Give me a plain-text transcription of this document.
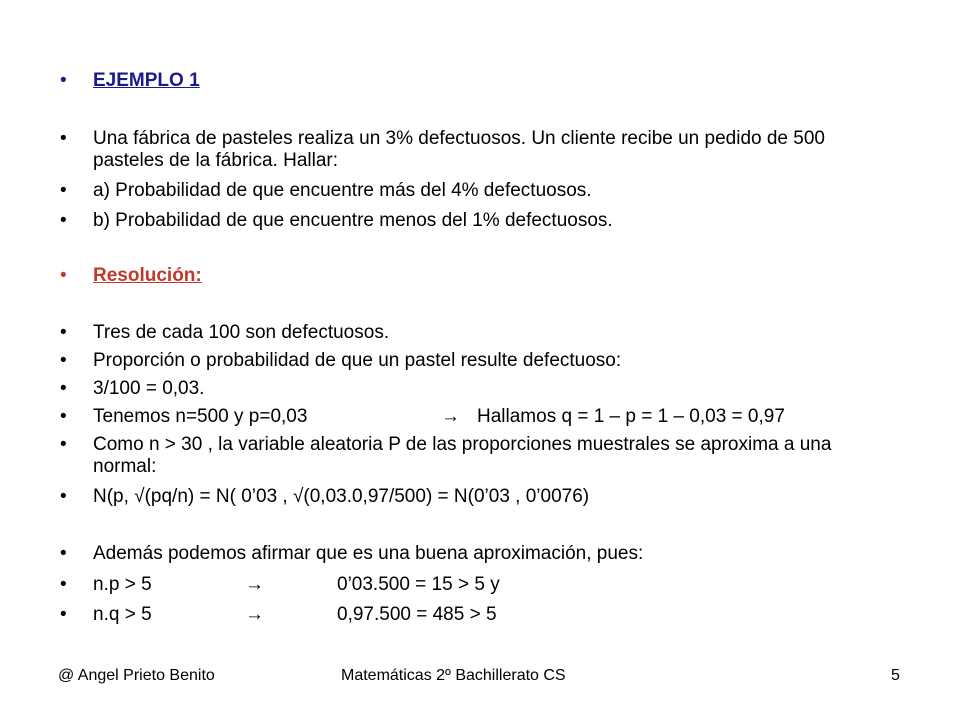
• EJEMPLO 1
• Una fábrica de pasteles realiza un 3% defectuosos. Un cliente recibe un pedido de 500 pasteles de la fábrica. Hallar:
• a) Probabilidad de que encuentre más del 4% defectuosos.
• b) Probabilidad de que encuentre menos del 1% defectuosos.
• Resolución:
• Tres de cada 100 son defectuosos.
• Proporción o probabilidad de que un pastel resulte defectuoso:
• 3/100 = 0,03.
• Tenemos n=500 y p=0,03	→ Hallamos q = 1 – p = 1 – 0,03 = 0,97
• Como n > 30 , la variable aleatoria P de las proporciones muestrales se aproxima a una normal:
• N(p, √(pq/n) = N( 0’03 , √(0,03.0,97/500) = N(0’03 , 0’0076)
• Además podemos afirmar que es una buena aproximación, pues:
• n.p > 5	→	0’03.500 = 15 > 5 y
• n.q > 5	→	0,97.500 = 485 > 5
@ Angel Prieto Benito	Matemáticas 2º Bachillerato CS	5
